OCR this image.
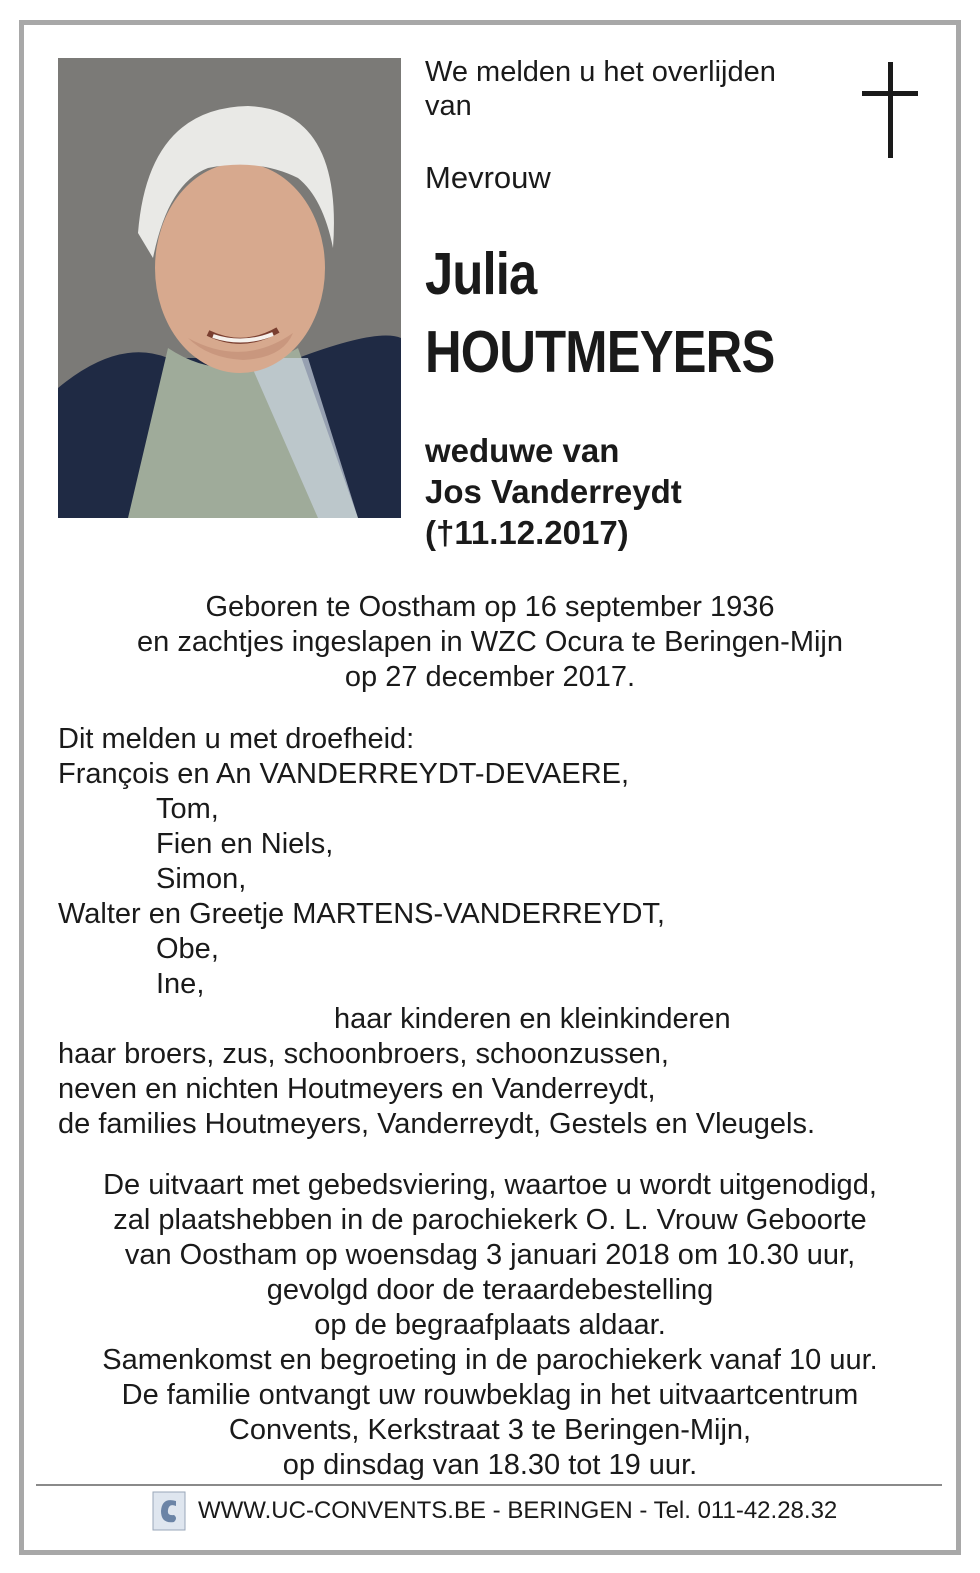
We melden u het overlijden van
Mevrouw
Julia
HOUTMEYERS
weduwe van
Jos Vanderreydt
(†11.12.2017)
Geboren te Oostham op 16 september 1936
en zachtjes ingeslapen in WZC Ocura te Beringen-Mijn
op 27 december 2017.
Dit melden u met droefheid:
François en An VANDERREYDT-DEVAERE,
Tom,
Fien en Niels,
Simon,
Walter en Greetje MARTENS-VANDERREYDT,
Obe,
Ine,
haar kinderen en kleinkinderen
haar broers, zus, schoonbroers, schoonzussen,
neven en nichten Houtmeyers en Vanderreydt,
de families Houtmeyers, Vanderreydt, Gestels en Vleugels.
De uitvaart met gebedsviering, waartoe u wordt uitgenodigd,
zal plaatshebben in de parochiekerk O. L. Vrouw Geboorte
van Oostham op woensdag 3 januari 2018 om 10.30 uur,
gevolgd door de teraardebestelling
op de begraafplaats aldaar.
Samenkomst en begroeting in de parochiekerk vanaf 10 uur.
De familie ontvangt uw rouwbeklag in het uitvaartcentrum
Convents, Kerkstraat 3 te Beringen-Mijn,
op dinsdag van 18.30 tot 19 uur.
WWW.UC-CONVENTS.BE - BERINGEN - Tel. 011-42.28.32
